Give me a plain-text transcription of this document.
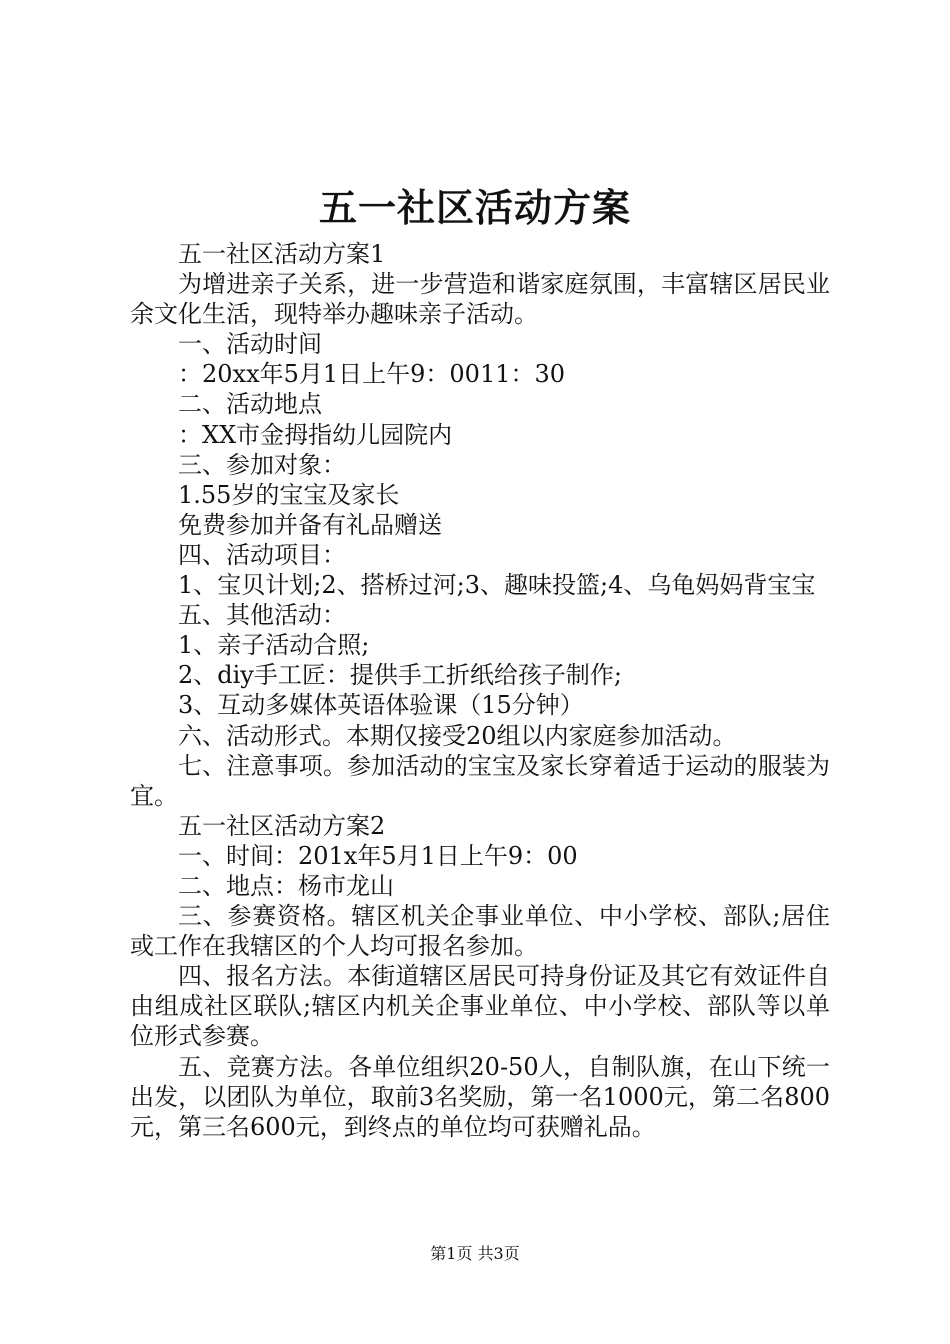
五一社区活动方案

五一社区活动方案1

为增进亲子关系，进一步营造和谐家庭氛围，丰富辖区居民业余文化生活，现特举办趣味亲子活动。

一、活动时间

：20xx年5月1日上午9：0011：30

二、活动地点

：XX市金拇指幼儿园院内

三、参加对象：

1.55岁的宝宝及家长

免费参加并备有礼品赠送

四、活动项目：

1、宝贝计划;2、搭桥过河;3、趣味投篮;4、乌龟妈妈背宝宝

五、其他活动：

1、亲子活动合照;

2、diy手工匠：提供手工折纸给孩子制作;

3、互动多媒体英语体验课（15分钟）

六、活动形式。本期仅接受20组以内家庭参加活动。

七、注意事项。参加活动的宝宝及家长穿着适于运动的服装为宜。

五一社区活动方案2

一、时间：201x年5月1日上午9：00

二、地点：杨市龙山

三、参赛资格。辖区机关企事业单位、中小学校、部队;居住或工作在我辖区的个人均可报名参加。

四、报名方法。本街道辖区居民可持身份证及其它有效证件自由组成社区联队;辖区内机关企事业单位、中小学校、部队等以单位形式参赛。

五、竞赛方法。各单位组织20-50人，自制队旗，在山下统一出发，以团队为单位，取前3名奖励，第一名1000元，第二名800元，第三名600元，到终点的单位均可获赠礼品。

第1页 共3页
